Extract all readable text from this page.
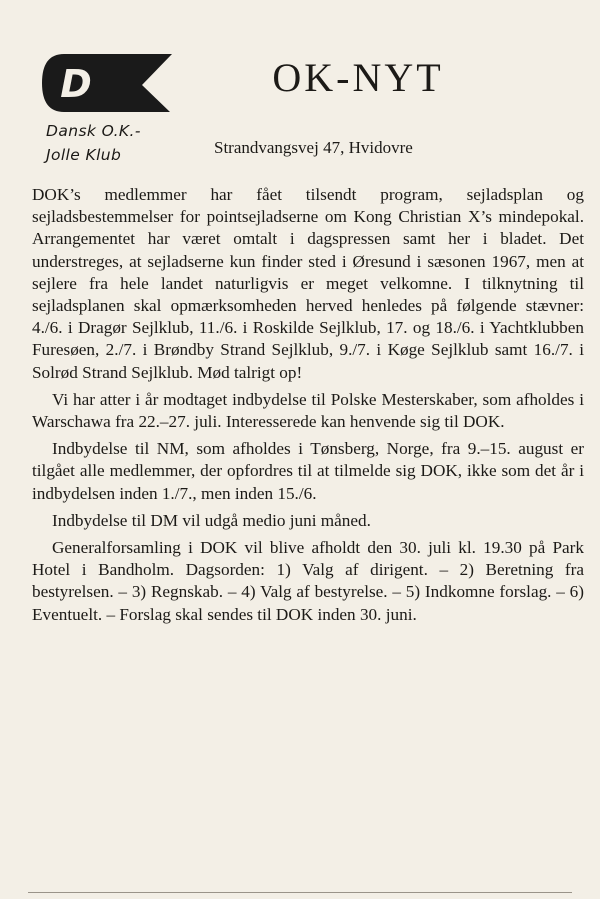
D
Dansk O.K.-
Jolle Klub
OK-NYT
Strandvangsvej 47, Hvidovre

DOK’s medlemmer har fået tilsendt program, sejladsplan og sejladsbestemmelser for pointsejladserne om Kong Christian X’s mindepokal. Arrangementet har været omtalt i dagspressen samt her i bladet. Det understreges, at sejladserne kun finder sted i Øresund i sæsonen 1967, men at sejlere fra hele landet naturligvis er meget velkomne. I tilknytning til sejladsplanen skal opmærksomheden herved henledes på følgende stævner: 4./6. i Dragør Sejlklub, 11./6. i Roskilde Sejlklub, 17. og 18./6. i Yachtklubben Furesøen, 2./7. i Brøndby Strand Sejlklub, 9./7. i Køge Sejlklub samt 16./7. i Solrød Strand Sejlklub. Mød talrigt op!

Vi har atter i år modtaget indbydelse til Polske Mesterskaber, som afholdes i Warschawa fra 22.–27. juli. Interesserede kan henvende sig til DOK.

Indbydelse til NM, som afholdes i Tønsberg, Norge, fra 9.–15. august er tilgået alle medlemmer, der opfordres til at tilmelde sig DOK, ikke som det år i indbydelsen inden 1./7., men inden 15./6.

Indbydelse til DM vil udgå medio juni måned.

Generalforsamling i DOK vil blive afholdt den 30. juli kl. 19.30 på Park Hotel i Bandholm. Dagsorden: 1) Valg af dirigent. – 2) Beretning fra bestyrelsen. – 3) Regnskab. – 4) Valg af bestyrelse. – 5) Indkomne forslag. – 6) Eventuelt. – Forslag skal sendes til DOK inden 30. juni.
